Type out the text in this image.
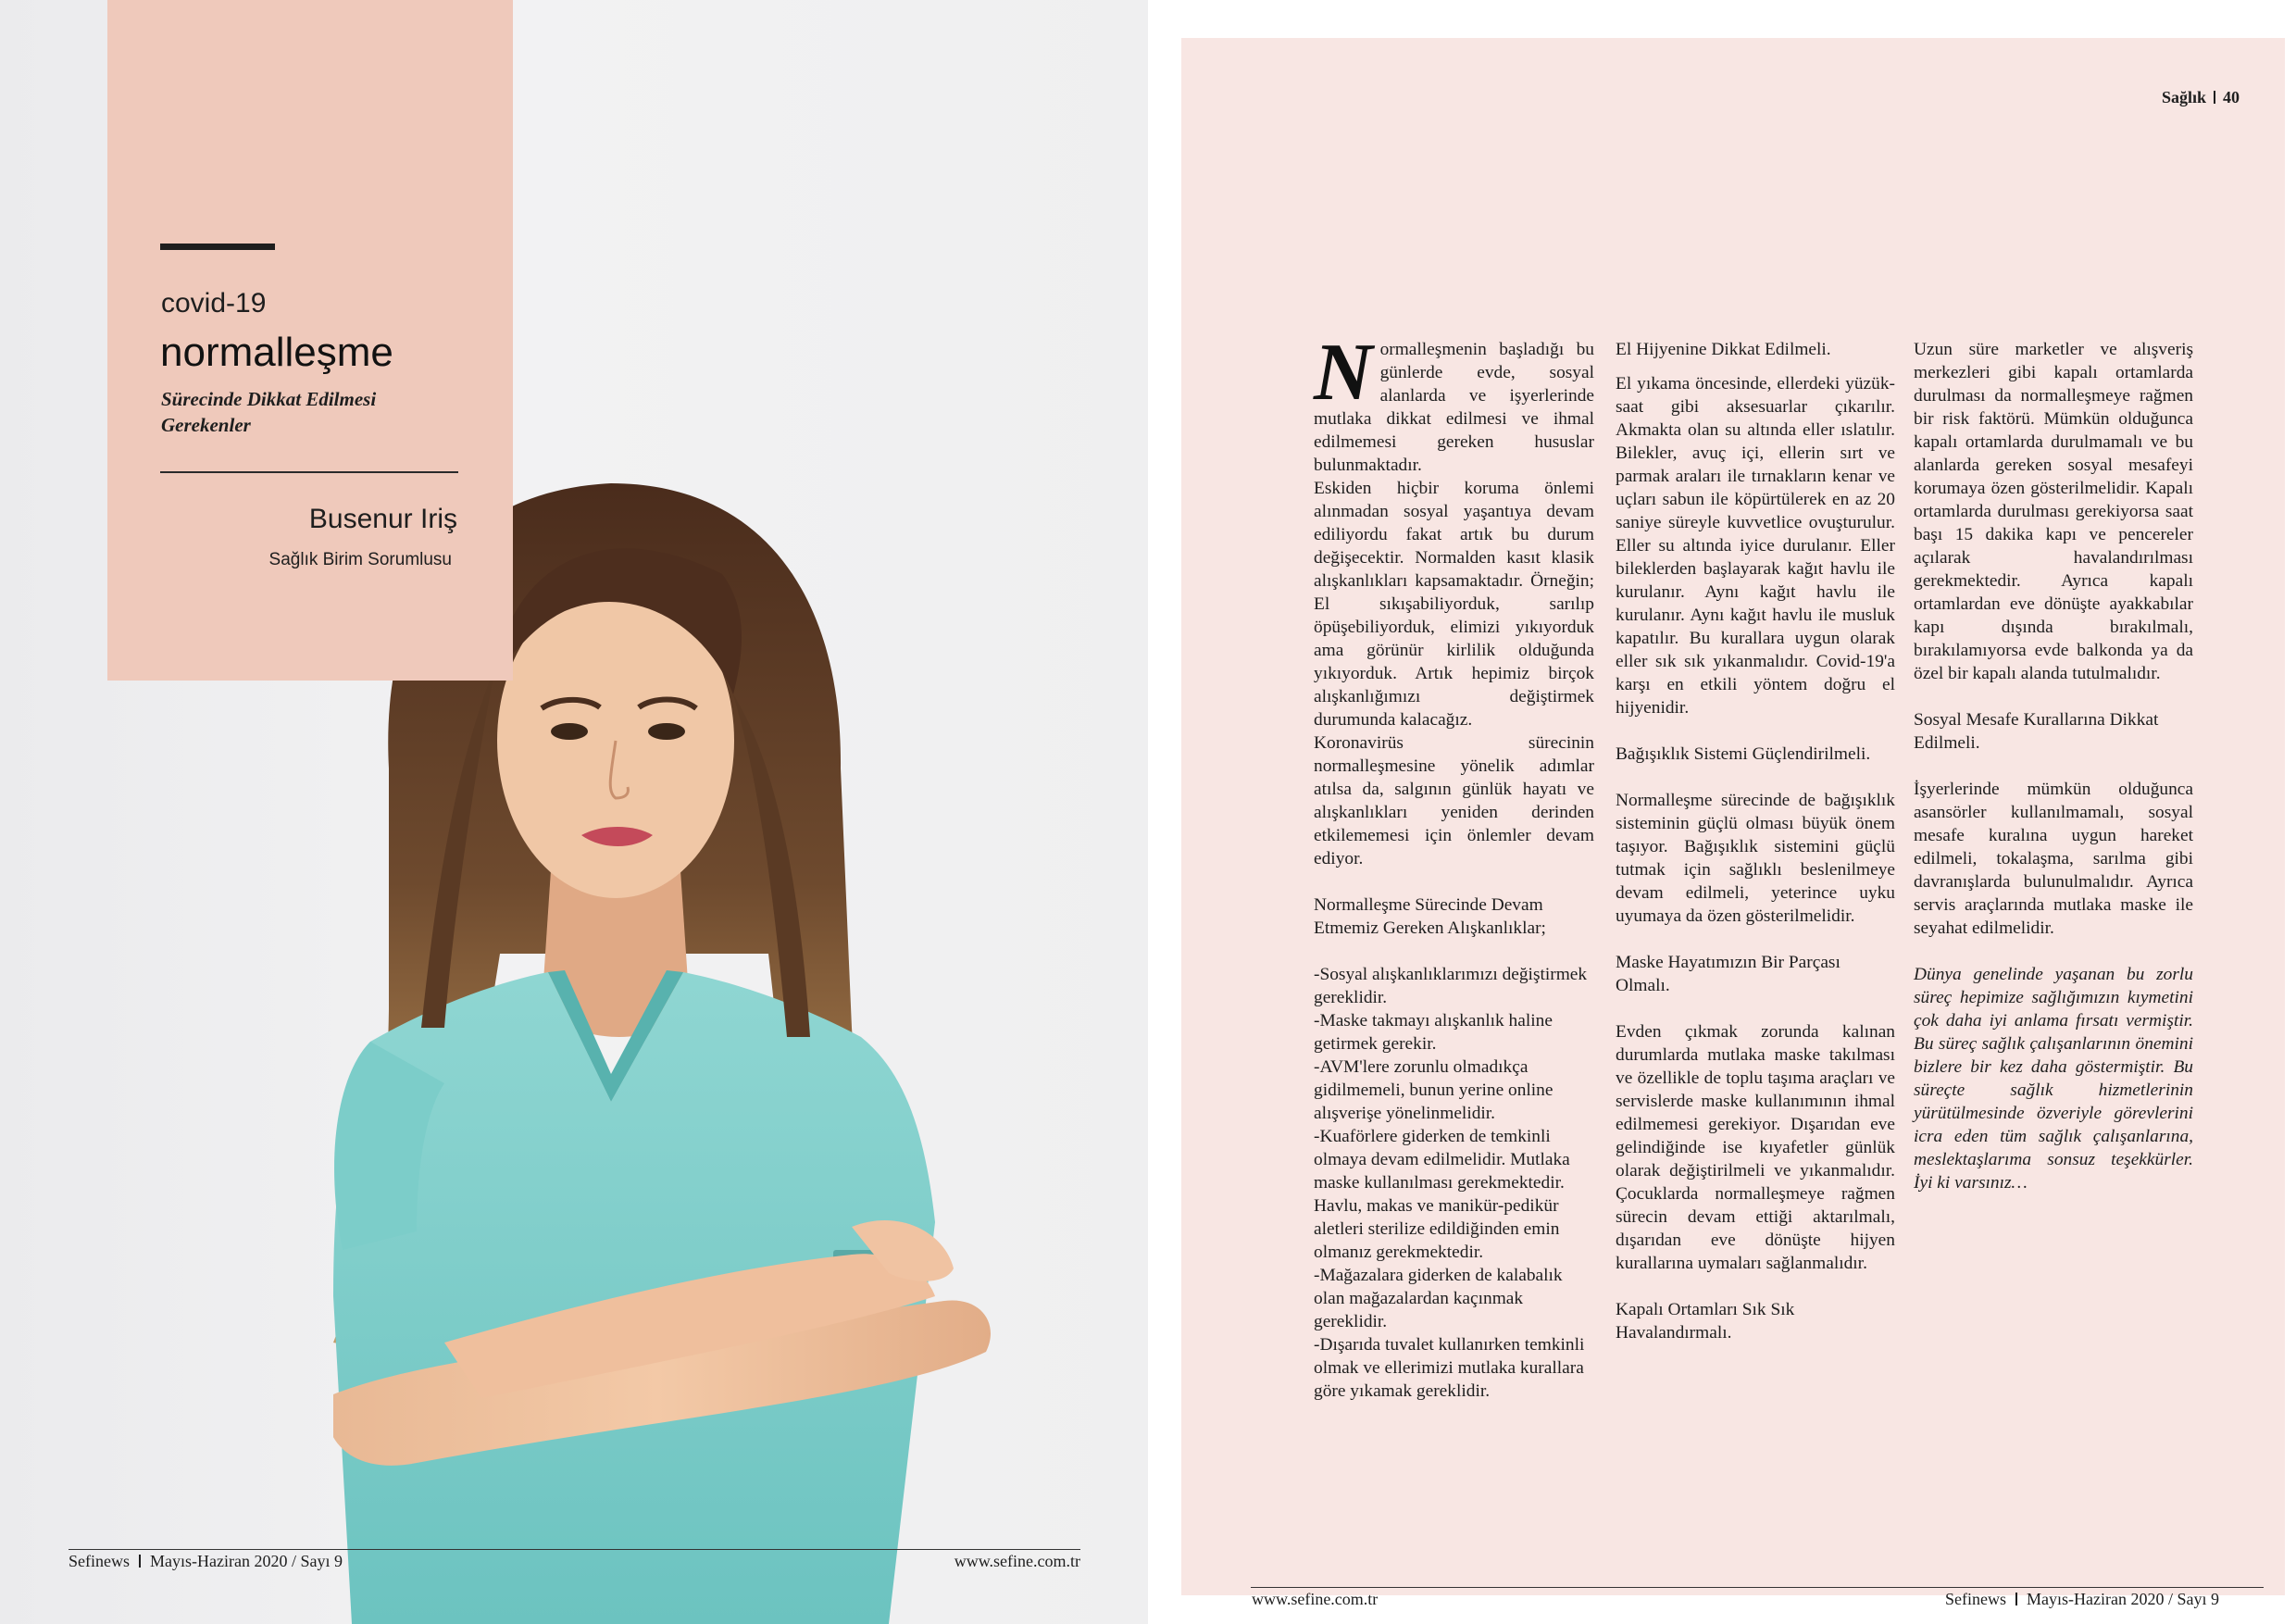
covid-19
normalleşme
Sürecinde Dikkat Edilmesi Gerekenler
Busenur Iriş
Sağlık Birim Sorumlusu
Sefinews Mayıs-Haziran 2020 / Sayı 9	www.sefine.com.tr
Sağlık 40

Normalleşmenin başladığı bu günlerde evde, sosyal alanlarda ve işyerlerinde mutlaka dikkat edilmesi ve ihmal edilmemesi gereken hususlar bulunmaktadır.

Eskiden hiçbir koruma önlemi alınmadan sosyal yaşantıya devam ediliyordu fakat artık bu durum değişecektir. Normalden kasıt klasik alışkanlıkları kapsamaktadır. Örneğin; El sıkışabiliyorduk, sarılıp öpüşebiliyorduk, elimizi yıkıyorduk ama görünür kirlilik olduğunda yıkıyorduk. Artık hepimiz birçok alışkanlığımızı değiştirmek durumunda kalacağız.

Koronavirüs sürecinin normalleşmesine yönelik adımlar atılsa da, salgının günlük hayatı ve alışkanlıkları yeniden derinden etkilememesi için önlemler devam ediyor.

Normalleşme Sürecinde Devam Etmemiz Gereken Alışkanlıklar;

-Sosyal alışkanlıklarımızı değiştirmek gereklidir.

-Maske takmayı alışkanlık haline getirmek gerekir.

-AVM'lere zorunlu olmadıkça gidilmemeli, bunun yerine online alışverişe yönelinmelidir.

-Kuaförlere giderken de temkinli olmaya devam edilmelidir. Mutlaka maske kullanılması gerekmektedir. Havlu, makas ve manikür-pedikür aletleri sterilize edildiğinden emin olmanız gerekmektedir.

-Mağazalara giderken de kalabalık olan mağazalardan kaçınmak gereklidir.

-Dışarıda tuvalet kullanırken temkinli olmak ve ellerimizi mutlaka kurallara göre yıkamak gereklidir.

El Hijyenine Dikkat Edilmeli.

El yıkama öncesinde, ellerdeki yüzük-saat gibi aksesuarlar çıkarılır. Akmakta olan su altında eller ıslatılır. Bilekler, avuç içi, ellerin sırt ve parmak araları ile tırnakların kenar ve uçları sabun ile köpürtülerek en az 20 saniye süreyle kuvvetlice ovuşturulur. Eller su altında iyice durulanır. Eller bileklerden başlayarak kağıt havlu ile kurulanır. Aynı kağıt havlu ile kurulanır. Aynı kağıt havlu ile musluk kapatılır. Bu kurallara uygun olarak eller sık sık yıkanmalıdır. Covid-19'a karşı en etkili yöntem doğru el hijyenidir.

Bağışıklık Sistemi Güçlendirilmeli.

Normalleşme sürecinde de bağışıklık sisteminin güçlü olması büyük önem taşıyor. Bağışıklık sistemini güçlü tutmak için sağlıklı beslenilmeye devam edilmeli, yeterince uyku uyumaya da özen gösterilmelidir.

Maske Hayatımızın Bir Parçası Olmalı.

Evden çıkmak zorunda kalınan durumlarda mutlaka maske takılması ve özellikle de toplu taşıma araçları ve servislerde maske kullanımının ihmal edilmemesi gerekiyor. Dışarıdan eve gelindiğinde ise kıyafetler günlük olarak değiştirilmeli ve yıkanmalıdır. Çocuklarda normalleşmeye rağmen sürecin devam ettiği aktarılmalı, dışarıdan eve dönüşte hijyen kurallarına uymaları sağlanmalıdır.

Kapalı Ortamları Sık Sık Havalandırmalı.

Uzun süre marketler ve alışveriş merkezleri gibi kapalı ortamlarda durulması da normalleşmeye rağmen bir risk faktörü. Mümkün olduğunca kapalı ortamlarda durulmamalı ve bu alanlarda gereken sosyal mesafeyi korumaya özen gösterilmelidir. Kapalı ortamlarda durulması gerekiyorsa saat başı 15 dakika kapı ve pencereler açılarak havalandırılması gerekmektedir. Ayrıca kapalı ortamlardan eve dönüşte ayakkabılar kapı dışında bırakılmalı, bırakılamıyorsa evde balkonda ya da özel bir kapalı alanda tutulmalıdır.

Sosyal Mesafe Kurallarına Dikkat Edilmeli.

İşyerlerinde mümkün olduğunca asansörler kullanılmamalı, sosyal mesafe kuralına uygun hareket edilmeli, tokalaşma, sarılma gibi davranışlarda bulunulmalıdır. Ayrıca servis araçlarında mutlaka maske ile seyahat edilmelidir.

Dünya genelinde yaşanan bu zorlu süreç hepimize sağlığımızın kıymetini çok daha iyi anlama fırsatı vermiştir. Bu süreç sağlık çalışanlarının önemini bizlere bir kez daha göstermiştir. Bu süreçte sağlık hizmetlerinin yürütülmesinde özveriyle görevlerini icra eden tüm sağlık çalışanlarına, meslektaşlarıma sonsuz teşekkürler. İyi ki varsınız…

www.sefine.com.tr	Sefinews Mayıs-Haziran 2020 / Sayı 9
